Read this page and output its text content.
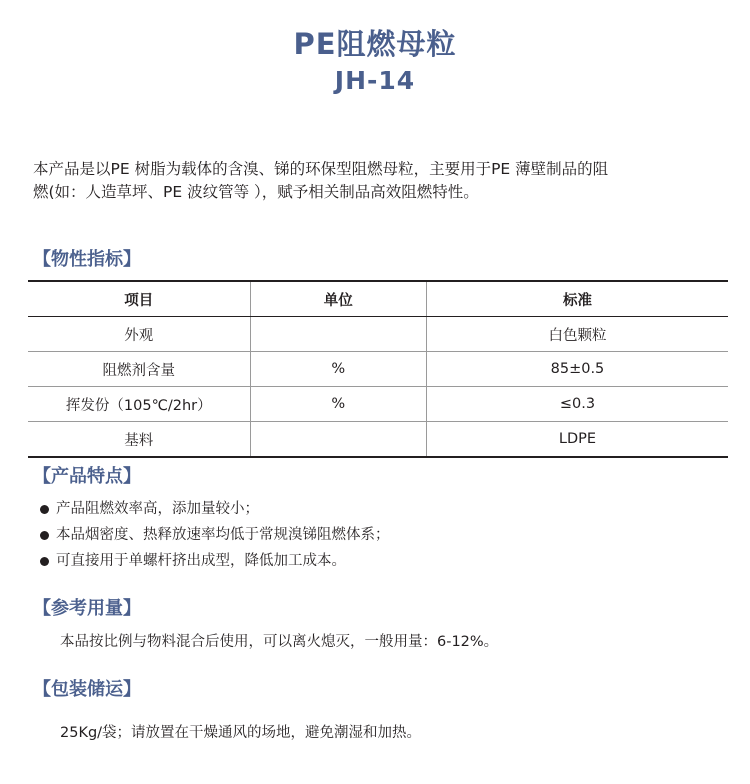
PE阻燃母粒
JH-14
本产品是以PE 树脂为载体的含溴、锑的环保型阻燃母粒，主要用于PE 薄壁制品的阻
燃(如：人造草坪、PE 波纹管等 ），赋予相关制品高效阻燃特性。
【物性指标】
项目	单位	标准
外观		白色颗粒
阻燃剂含量	%	85±0.5
挥发份（105℃/2hr）	%	≤0.3
基料		LDPE
【产品特点】
产品阻燃效率高，添加量较小；
本品烟密度、热释放速率均低于常规溴锑阻燃体系；
可直接用于单螺杆挤出成型，降低加工成本。
【参考用量】
本品按比例与物料混合后使用，可以离火熄灭，一般用量：6-12%。
【包装储运】
25Kg/袋；请放置在干燥通风的场地，避免潮湿和加热。
